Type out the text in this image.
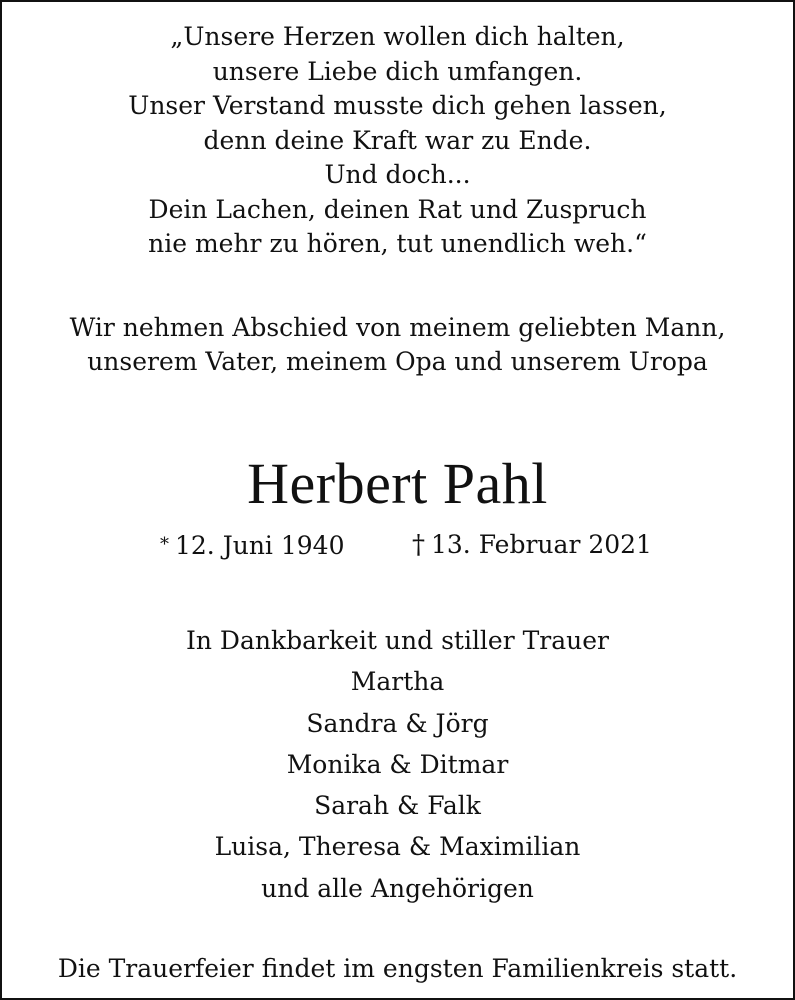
„Unsere Herzen wollen dich halten,
unsere Liebe dich umfangen.
Unser Verstand musste dich gehen lassen,
denn deine Kraft war zu Ende.
Und doch...
Dein Lachen, deinen Rat und Zuspruch
nie mehr zu hören, tut unendlich weh.“
Wir nehmen Abschied von meinem geliebten Mann,
unserem Vater, meinem Opa und unserem Uropa
Herbert Pahl
* 12. Juni 1940	† 13. Februar 2021
In Dankbarkeit und stiller Trauer
Martha
Sandra & Jörg
Monika & Ditmar
Sarah & Falk
Luisa, Theresa & Maximilian
und alle Angehörigen
Die Trauerfeier findet im engsten Familienkreis statt.
